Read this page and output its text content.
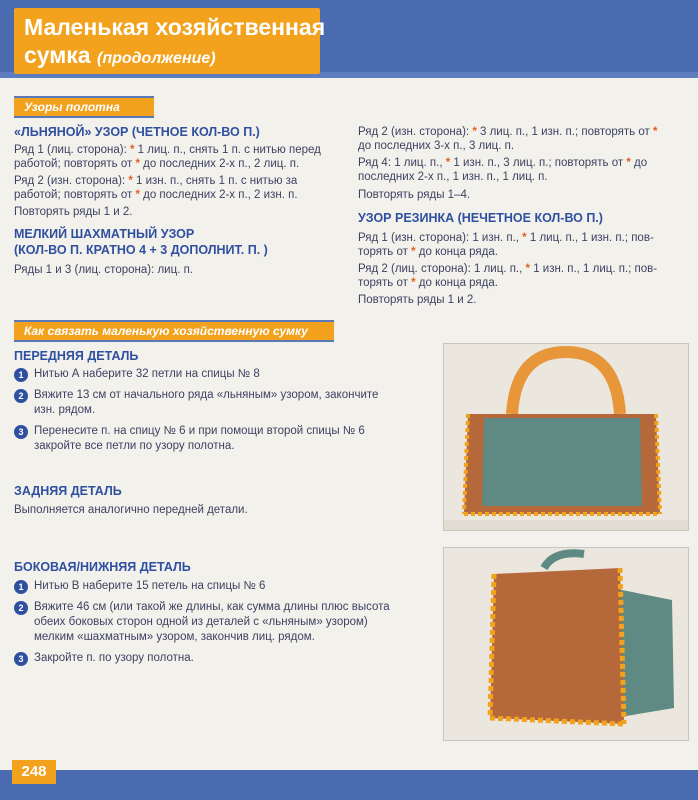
Маленькая хозяйственная
сумка (продолжение)
Узоры полотна
«ЛЬНЯНОЙ» УЗОР (ЧЕТНОЕ КОЛ-ВО П.)
Ряд 1 (лиц. сторона): * 1 лиц. п., снять 1 п. с нитью перед
работой; повторять от * до последних 2-х п., 2 лиц. п.
Ряд 2 (изн. сторона): * 1 изн. п., снять 1 п. с нитью за
работой; повторять от * до последних 2-х п., 2 изн. п.
Повторять ряды 1 и 2.
МЕЛКИЙ ШАХМАТНЫЙ УЗОР
(КОЛ-ВО П. КРАТНО 4 + 3 ДОПОЛНИТ. П. )
Ряды 1 и 3 (лиц. сторона): лиц. п.
Ряд 2 (изн. сторона): * 3 лиц. п., 1 изн. п.; повторять от *
до последних 3-х п., 3 лиц. п.
Ряд 4: 1 лиц. п., * 1 изн. п., 3 лиц. п.; повторять от * до
последних 2-х п., 1 изн. п., 1 лиц. п.
Повторять ряды 1–4.
УЗОР РЕЗИНКА (НЕЧЕТНОЕ КОЛ-ВО П.)
Ряд 1 (изн. сторона): 1 изн. п., * 1 лиц. п., 1 изн. п.; пов-
торять от * до конца ряда.
Ряд 2 (лиц. сторона): 1 лиц. п., * 1 изн. п., 1 лиц. п.; пов-
торять от * до конца ряда.
Повторять ряды 1 и 2.
Как связать маленькую хозяйственную сумку
ПЕРЕДНЯЯ ДЕТАЛЬ
1 Нитью А наберите 32 петли на спицы № 8
2 Вяжите 13 см от начального ряда «льняным» узором, закончите
изн. рядом.
3 Перенесите п. на спицу № 6 и при помощи второй спицы № 6
закройте все петли по узору полотна.
ЗАДНЯЯ ДЕТАЛЬ
Выполняется аналогично передней детали.
БОКОВАЯ/НИЖНЯЯ ДЕТАЛЬ
1 Нитью В наберите 15 петель на спицы № 6
2 Вяжите 46 см (или такой же длины, как сумма длины плюс высота
обеих боковых сторон одной из деталей с «льняным» узором)
мелким «шахматным» узором, закончив лиц. рядом.
3 Закройте п. по узору полотна.
248
